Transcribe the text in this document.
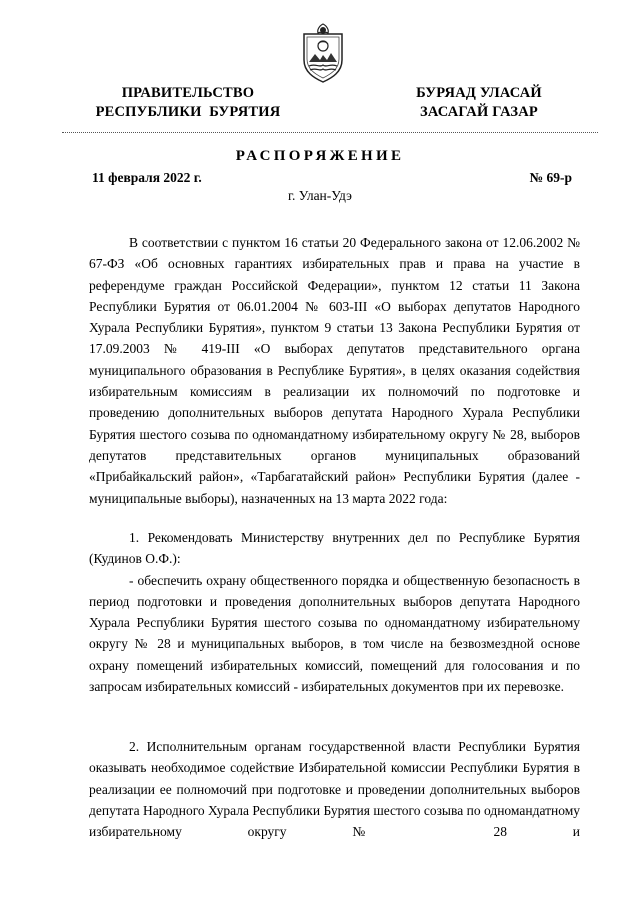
ПРАВИТЕЛЬСТВО
РЕСПУБЛИКИ  БУРЯТИЯ
БУРЯАД УЛАСАЙ
ЗАСАГАЙ ГАЗАР
РАСПОРЯЖЕНИЕ
11 февраля 2022 г.	№ 69-р
г. Улан-Удэ

В соответствии с пунктом 16 статьи 20 Федерального закона от 12.06.2002 № 67-ФЗ «Об основных гарантиях избирательных прав и права на участие в референдуме граждан Российской Федерации», пунктом 12 статьи 11 Закона Республики Бурятия от 06.01.2004 № 603-III «О выборах депутатов Народного Хурала Республики Бурятия», пунктом 9 статьи 13 Закона Республики Бурятия от 17.09.2003 № 419-III «О выборах депутатов представительного органа муниципального образования в Республике Бурятия», в целях оказания содействия избирательным комиссиям в реализации их полномочий по подготовке и проведению дополнительных выборов депутата Народного Хурала Республики Бурятия шестого созыва по одномандатному избирательному округу № 28, выборов депутатов представительных органов муниципальных образований «Прибайкальский район», «Тарбагатайский район» Республики Бурятия (далее - муниципальные выборы), назначенных на 13 марта 2022 года:

1. Рекомендовать Министерству внутренних дел по Республике Бурятия (Кудинов О.Ф.):

- обеспечить охрану общественного порядка и общественную безопасность в период подготовки и проведения дополнительных выборов депутата Народного Хурала Республики Бурятия шестого созыва по одномандатному избирательному округу № 28 и муниципальных выборов, в том числе на безвозмездной основе охрану помещений избирательных комиссий, помещений для голосования и по запросам избирательных комиссий - избирательных документов при их перевозке.

2. Исполнительным органам государственной власти Республики Бурятия оказывать необходимое содействие Избирательной комиссии Республики Бурятия в реализации ее полномочий при подготовке и проведении дополнительных выборов депутата Народного Хурала Республики Бурятия шестого созыва по одномандатному избирательному округу № 28 и
